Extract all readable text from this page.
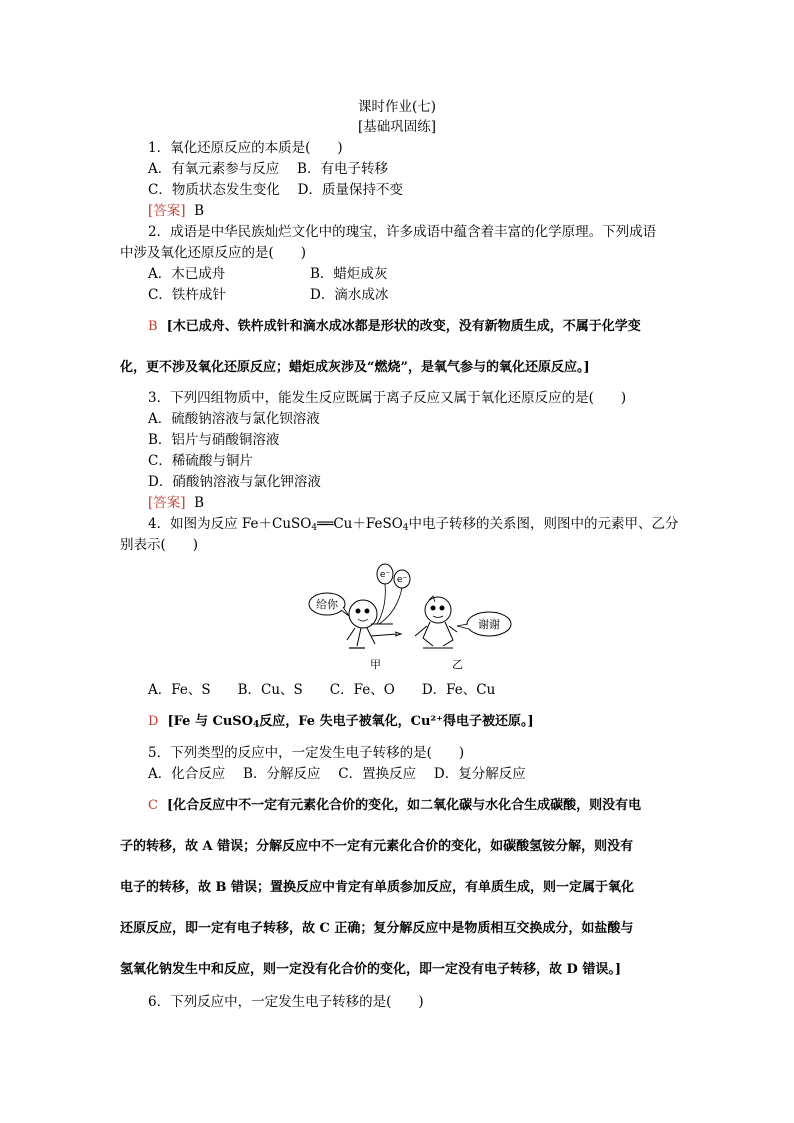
课时作业(七)
[基础巩固练]
1．氧化还原反应的本质是(　　)
A．有氧元素参与反应　 B．有电子转移
C．物质状态发生变化　 D．质量保持不变
[答案] B
2．成语是中华民族灿烂文化中的瑰宝，许多成语中蕴含着丰富的化学原理。下列成语
中涉及氧化还原反应的是(　　)
A．木已成舟	B．蜡炬成灰
C．铁杵成针	D．滴水成冰
B [木已成舟、铁杵成针和滴水成冰都是形状的改变，没有新物质生成，不属于化学变
化，更不涉及氧化还原反应；蜡炬成灰涉及“燃烧”，是氧气参与的氧化还原反应。]
3．下列四组物质中，能发生反应既属于离子反应又属于氧化还原反应的是(　　)
A．硫酸钠溶液与氯化钡溶液
B．铝片与硝酸铜溶液
C．稀硫酸与铜片
D．硝酸钠溶液与氯化钾溶液
[答案] B
4．如图为反应 Fe＋CuSO$_4$══Cu＋FeSO$_4$中电子转移的关系图，则图中的元素甲、乙分
别表示(　　)
e⁻ e⁻
给你
谢谢
甲	乙
A．Fe、S　　B．Cu、S　　C．Fe、O　　D．Fe、Cu
D [Fe 与 CuSO$_4$反应，Fe 失电子被氧化，Cu²⁺得电子被还原。]
5．下列类型的反应中，一定发生电子转移的是(　　)
A．化合反应　 B．分解反应　 C．置换反应　 D．复分解反应
C [化合反应中不一定有元素化合价的变化，如二氧化碳与水化合生成碳酸，则没有电
子的转移，故 A 错误；分解反应中不一定有元素化合价的变化，如碳酸氢铵分解，则没有
电子的转移，故 B 错误；置换反应中肯定有单质参加反应，有单质生成，则一定属于氧化
还原反应，即一定有电子转移，故 C 正确；复分解反应中是物质相互交换成分，如盐酸与
氢氧化钠发生中和反应，则一定没有化合价的变化，即一定没有电子转移，故 D 错误。]
6．下列反应中，一定发生电子转移的是(　　)
